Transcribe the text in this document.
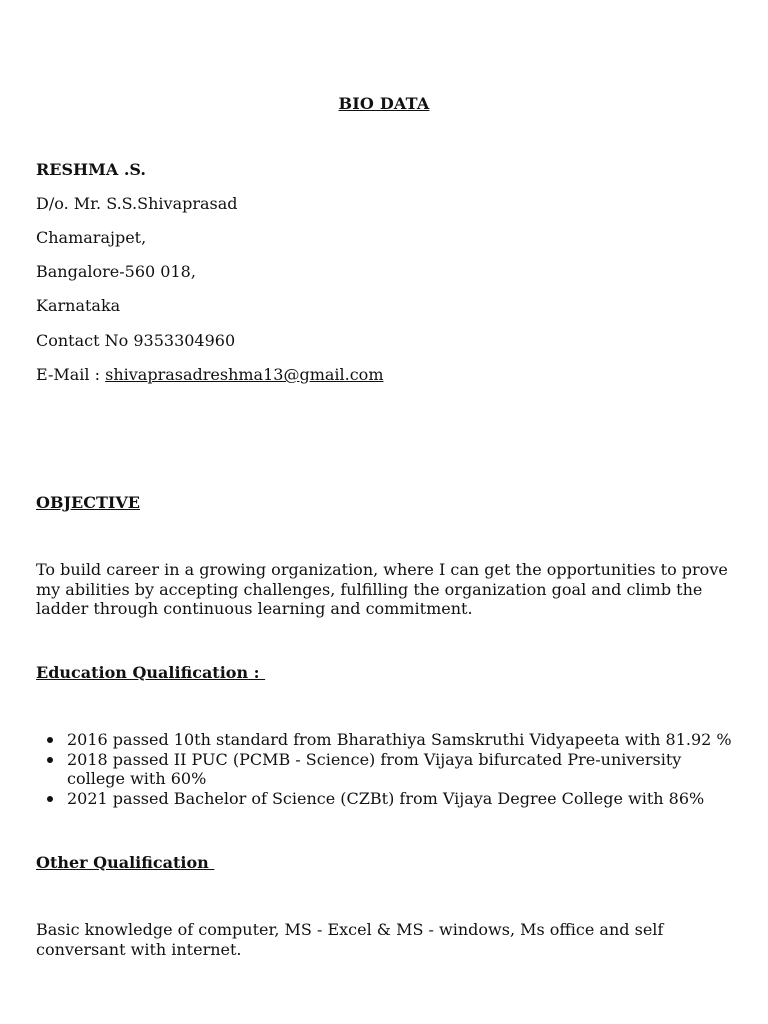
BIO DATA
RESHMA .S.
D/o. Mr. S.S.Shivaprasad
Chamarajpet,
Bangalore-560 018,
Karnataka
Contact No 9353304960
E-Mail : shivaprasadreshma13@gmail.com
OBJECTIVE
To build career in a growing organization, where I can get the opportunities to prove my abilities by accepting challenges, fulfilling the organization goal and climb the ladder through continuous learning and commitment.
Education Qualification :
2016 passed 10th standard from Bharathiya Samskruthi Vidyapeeta with 81.92 %
2018 passed II PUC (PCMB - Science) from Vijaya bifurcated Pre-university college with 60%
2021 passed Bachelor of Science (CZBt) from Vijaya Degree College with 86%
Other Qualification
Basic knowledge of computer, MS - Excel & MS - windows, Ms office and self conversant with internet.
